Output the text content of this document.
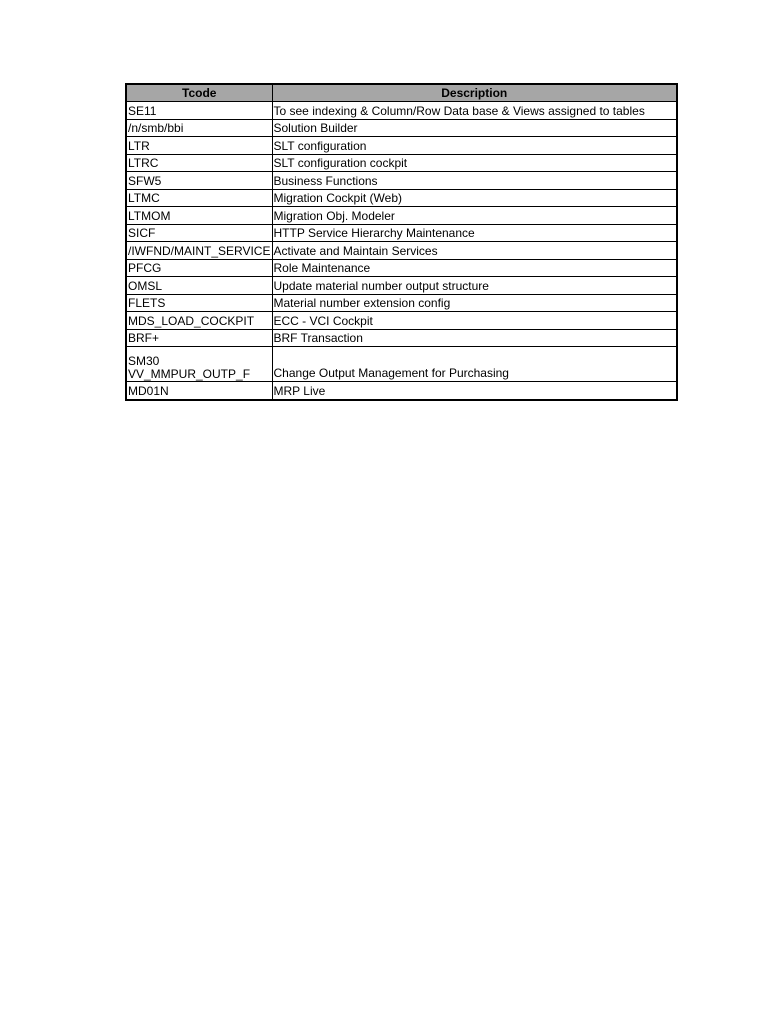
Tcode	Description
SE11	To see indexing & Column/Row Data base & Views assigned to tables
/n/smb/bbi	Solution Builder
LTR	SLT configuration
LTRC	SLT configuration cockpit
SFW5	Business Functions
LTMC	Migration Cockpit (Web)
LTMOM	Migration Obj. Modeler
SICF	HTTP Service Hierarchy Maintenance
/IWFND/MAINT_SERVICE	Activate and Maintain Services
PFCG	Role Maintenance
OMSL	Update material number output structure
FLETS	Material number extension config
MDS_LOAD_COCKPIT	ECC - VCI Cockpit
BRF+	BRF Transaction

SM30
VV_MMPUR_OUTP_F	Change Output Management for Purchasing
MD01N	MRP Live
